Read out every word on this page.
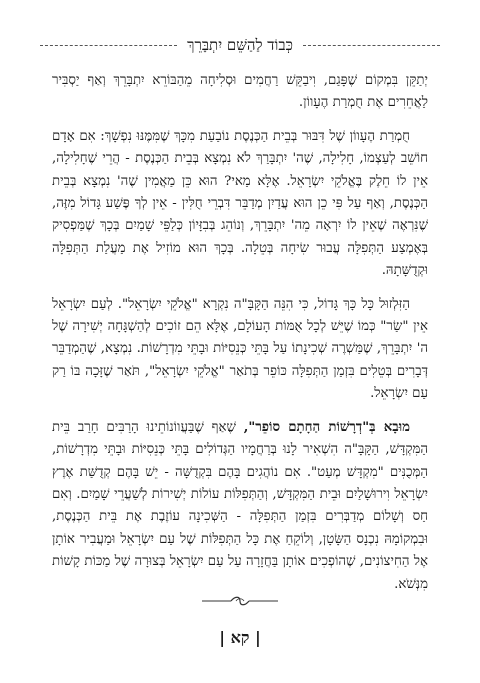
כְּבוֹד לַהַשֵּׁם יִתְבָּרֵךְ

יְתַקֵּן בִּמְקוֹם שֶׁפָּגַם, וִיבַקֵּשׁ רַחֲמִים וּסְלִיחָה מֵהַבּוֹרֵא יִתְבָּרֵךְ וְאַף יַסְבִּיר לַאֲחֵרִים אֶת חֻמְרַת הֶעָווֹן.

חֻמְרַת הֶעָווֹן שֶׁל דִּבּוּר בְּבֵית הַכְּנֶסֶת נוֹבַעַת מִכָּךְ שֶׁמִּמֶּנּוּ נִפְשָׁךְ: אִם אָדָם חוֹשֵׁב לְעַצְמוֹ, חָלִילָה, שֶׁה' יִתְבָּרַךְ לֹא נִמְצָא בְּבֵית הַכְּנֶסֶת - הֲרֵי שֶׁחָלִילָה, אֵין לוֹ חֵלֶק בֶּאֱלֹקֵי יִשְׂרָאֵל. אֶלָּא מַאי? הוּא כֵּן מַאֲמִין שֶׁה' נִמְצָא בְּבֵית הַכְּנֶסֶת, וְאַף עַל פִּי כֵן הוּא עֲדַיִן מְדַבֵּר דִּבְרֵי חֻלִּין - אֵין לְךָ פֶּשַׁע גָּדוֹל מִזֶּה, שֶׁנִּרְאֶה שֶׁאֵין לוֹ יִרְאָה מֵה' יִתְבָּרֵךְ, וְנוֹהֵג בְּבִזָּיוֹן כְּלַפֵּי שָׁמַיִם בְּכָךְ שֶׁמַּפְסִיק בְּאֶמְצַע הַתְּפִלָּה עֲבוּר שִׂיחָה בְּטֵלָה. בְּכָךְ הוּא מוֹזִיל אֶת מַעֲלַת הַתְּפִלָּה וּקְדֻשָּׁתָהּ.

הַזִּלְזוּל כָּל כָּךְ גָּדוֹל, כִּי הִנֵּה הַקָּבָּ"ה נִקְרָא "אֱלֹקֵי יִשְׂרָאֵל". לְעַם יִשְׂרָאֵל אֵין "שַׂר" כְּמוֹ שֶׁיֵּשׁ לְכָל אֻמּוֹת הָעוֹלָם, אֶלָּא הֵם זוֹכִים לְהַשְׁגָּחָה יְשִׁירָה שֶׁל ה' יִתְבָּרֵךְ, שֶׁמַּשְׁרֶה שְׁכִינָתוֹ עַל בָּתֵּי כְּנֵסִיּוֹת וּבָתֵּי מִדְרָשׁוֹת. נִמְצָא, שֶׁהַמְדַבֵּר דְּבָרִים בְּטֵלִים בִּזְמַן הַתְּפִלָּה כּוֹפֵר בְּתֹאַר "אֱלֹקֵי יִשְׂרָאֵל", תֹּאַר שֶׁזָּכָה בּוֹ רַק עַם יִשְׂרָאֵל.

מוּבָא בְּ"דְרָשׁוֹת הַחָתָם סוֹפֵר", שֶׁאַף שֶׁבַּעֲווֹנוֹתֵינוּ הָרַבִּים חָרַב בֵּית הַמִּקְדָּשׁ, הַקָּבָּ"ה הִשְׁאִיר לָנוּ בְּרַחֲמָיו הַגְּדוֹלִים בָּתֵּי כְּנֵסִיּוֹת וּבָתֵּי מִדְרָשׁוֹת, הַמְּכֻנִּים "מִקְדָּשׁ מְעַט". אִם נוֹהֲגִים בָּהֶם בִּקְדֻשָּׁה - יֵשׁ בָּהֶם קְדֻשַּׁת אֶרֶץ יִשְׂרָאֵל וִירוּשָׁלַיִם וּבֵית הַמִּקְדָּשׁ, וְהַתְּפִלּוֹת עוֹלוֹת יְשִׁירוֹת לְשַׁעֲרֵי שָׁמַיִם. וְאִם חַס וְשָׁלוֹם מְדַבְּרִים בִּזְמַן הַתְּפִלָּה - הַשְּׁכִינָה עוֹזֶבֶת אֶת בֵּית הַכְּנֶסֶת, וּבִמְקוֹמָהּ נִכְנָס הַשָּׂטָן, וְלוֹקֵחַ אֶת כָּל הַתְּפִלּוֹת שֶׁל עַם יִשְׂרָאֵל וּמַעֲבִיר אוֹתָן אֶל הַחִיצוֹנִים, שֶׁהוֹפְכִים אוֹתָן בַּחֲזָרָה עַל עַם יִשְׂרָאֵל בְּצוּרָה שֶׁל מַכּוֹת קָשׁוֹת מִנְּשֹׁא.

| קא |
